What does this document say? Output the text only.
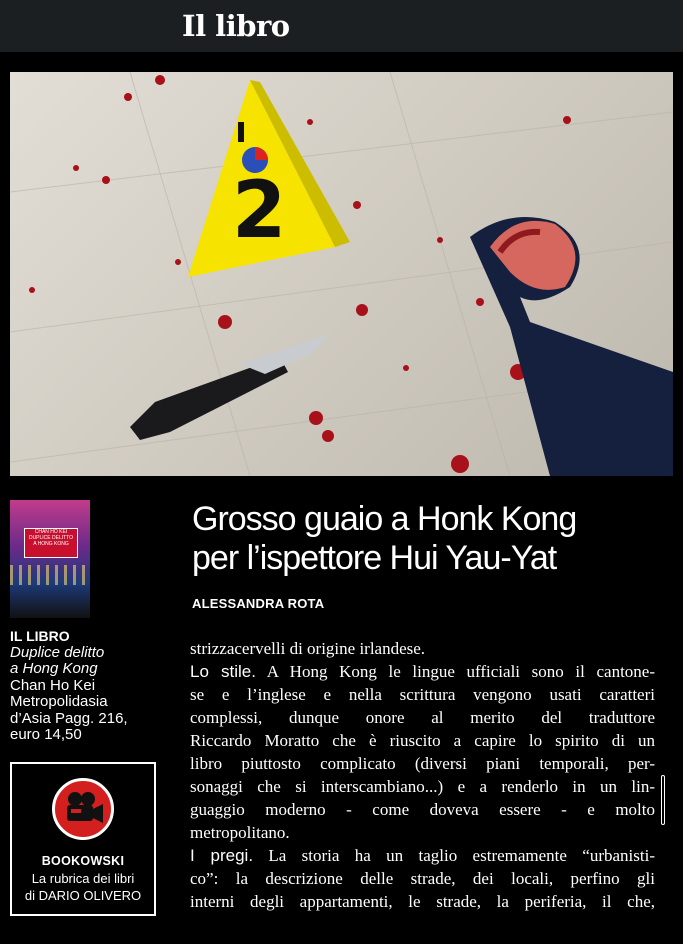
Il libro
2
CHAN HO KEI
DUPLICE DELITTO
A HONG KONG
IL LIBRO
Duplice delitto
a Hong Kong
Chan Ho Kei
Metropolidasia
d’Asia Pagg. 216,
euro 14,50
BOOKOWSKI
La rubrica dei libri
di DARIO OLIVERO
Grosso guaio a Honk Kong
per l’ispettore Hui Yau-Yat
ALESSANDRA ROTA
strizzacervelli di origine irlandese.
Lo stile. A Hong Kong le lingue ufficiali sono il cantone-
se e l’inglese e nella scrittura vengono usati caratteri
complessi, dunque onore al merito del traduttore
Riccardo Moratto che è riuscito a capire lo spirito di un
libro piuttosto complicato (diversi piani temporali, per-
sonaggi che si interscambiano...) e a renderlo in un lin-
guaggio moderno - come doveva essere - e molto
metropolitano.
I pregi. La storia ha un taglio estremamente “urbanisti-
co”: la descrizione delle strade, dei locali, perfino gli
interni degli appartamenti, le strade, la periferia, il che,
